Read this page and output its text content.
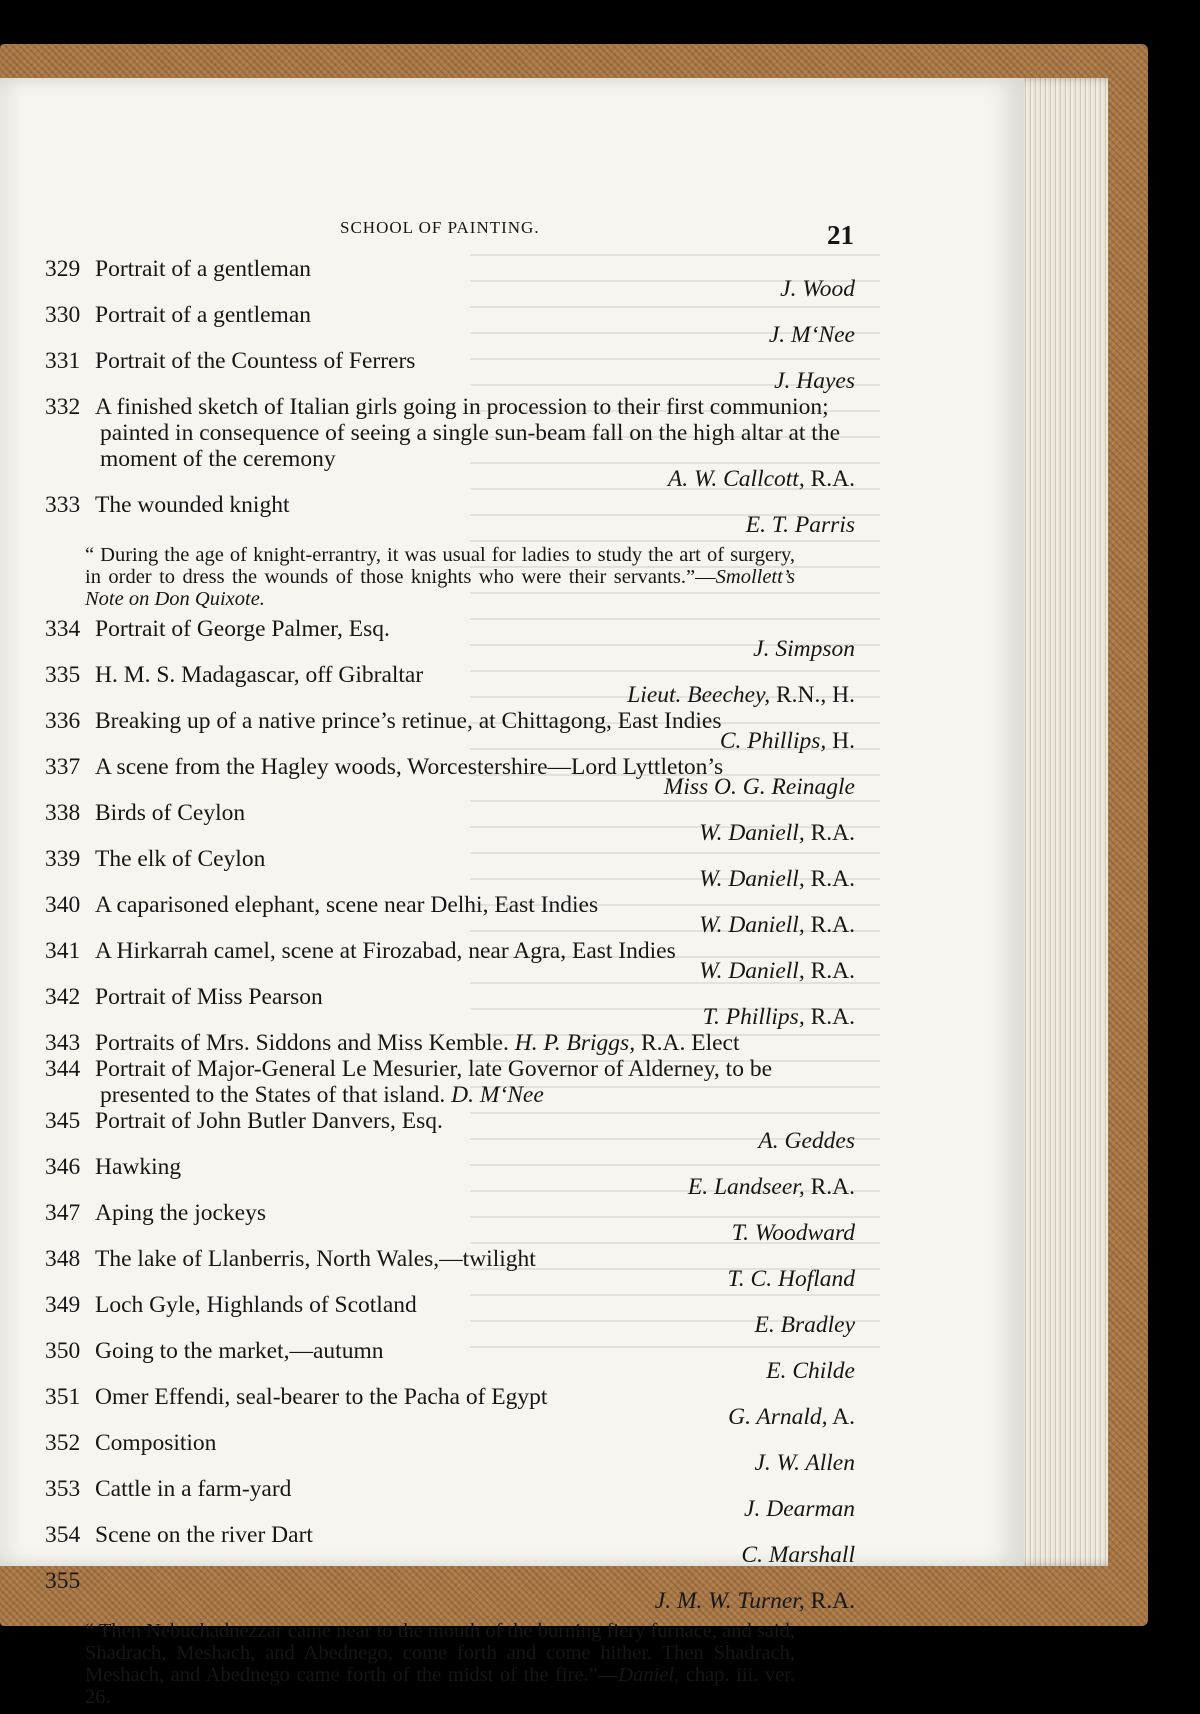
SCHOOL OF PAINTING.	21

329 Portrait of a gentleman
J. Wood

330 Portrait of a gentleman
J. M‘Nee

331 Portrait of the Countess of Ferrers
J. Hayes

332 A finished sketch of Italian girls going in procession to their first communion; painted in consequence of seeing a single sun-beam fall on the high altar at the moment of the ceremony
A. W. Callcott, R.A.

333 The wounded knight
E. T. Parris

“ During the age of knight-errantry, it was usual for ladies to study the art of surgery, in order to dress the wounds of those knights who were their servants.”—Smollett’s Note on Don Quixote.

334 Portrait of George Palmer, Esq.
J. Simpson

335 H. M. S. Madagascar, off Gibraltar
Lieut. Beechey, R.N., H.

336 Breaking up of a native prince’s retinue, at Chittagong, East Indies
C. Phillips, H.

337 A scene from the Hagley woods, Worcestershire—Lord Lyttleton’s
Miss O. G. Reinagle

338 Birds of Ceylon
W. Daniell, R.A.

339 The elk of Ceylon
W. Daniell, R.A.

340 A caparisoned elephant, scene near Delhi, East Indies
W. Daniell, R.A.

341 A Hirkarrah camel, scene at Firozabad, near Agra, East Indies
W. Daniell, R.A.

342 Portrait of Miss Pearson
T. Phillips, R.A.

343 Portraits of Mrs. Siddons and Miss Kemble. H. P. Briggs, R.A. Elect

344 Portrait of Major-General Le Mesurier, late Governor of Alderney, to be presented to the States of that island. D. M‘Nee

345 Portrait of John Butler Danvers, Esq.
A. Geddes

346 Hawking
E. Landseer, R.A.

347 Aping the jockeys
T. Woodward

348 The lake of Llanberris, North Wales,—twilight
T. C. Hofland

349 Loch Gyle, Highlands of Scotland
E. Bradley

350 Going to the market,—autumn
E. Childe

351 Omer Effendi, seal-bearer to the Pacha of Egypt
G. Arnald, A.

352 Composition
J. W. Allen

353 Cattle in a farm-yard
J. Dearman

354 Scene on the river Dart
C. Marshall

355
J. M. W. Turner, R.A.

“ Then Nebuchadnezzar came near to the mouth of the burning fiery furnace, and said, Shadrach, Meshach, and Abednego, come forth and come hither. Then Shadrach, Meshach, and Abednego came forth of the midst of the fire.”—Daniel, chap. iii. ver. 26.
